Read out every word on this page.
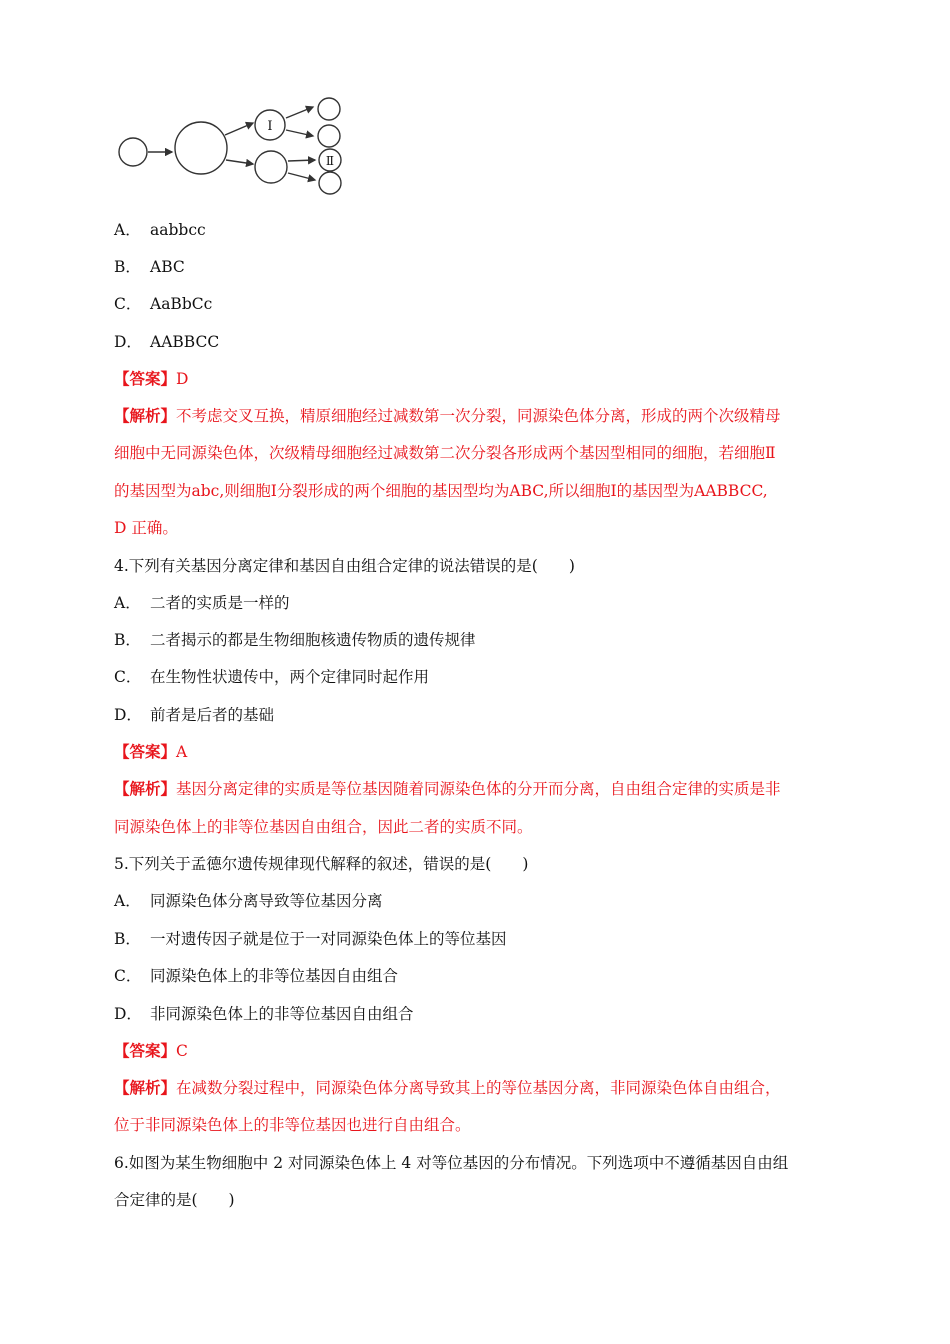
Ⅰ
Ⅱ
A． aabbcc
B． ABC
C． AaBbCc
D． AABBCC
【答案】D
【解析】不考虑交叉互换，精原细胞经过减数第一次分裂，同源染色体分离，形成的两个次级精母
细胞中无同源染色体，次级精母细胞经过减数第二次分裂各形成两个基因型相同的细胞，若细胞Ⅱ
的基因型为abc,则细胞Ⅰ分裂形成的两个细胞的基因型均为ABC,所以细胞Ⅰ的基因型为AABBCC,
D 正确。
4.下列有关基因分离定律和基因自由组合定律的说法错误的是(　　)
A． 二者的实质是一样的
B． 二者揭示的都是生物细胞核遗传物质的遗传规律
C． 在生物性状遗传中，两个定律同时起作用
D． 前者是后者的基础
【答案】A
【解析】基因分离定律的实质是等位基因随着同源染色体的分开而分离，自由组合定律的实质是非
同源染色体上的非等位基因自由组合，因此二者的实质不同。
5.下列关于孟德尔遗传规律现代解释的叙述，错误的是(　　)
A． 同源染色体分离导致等位基因分离
B． 一对遗传因子就是位于一对同源染色体上的等位基因
C． 同源染色体上的非等位基因自由组合
D． 非同源染色体上的非等位基因自由组合
【答案】C
【解析】在减数分裂过程中，同源染色体分离导致其上的等位基因分离，非同源染色体自由组合，
位于非同源染色体上的非等位基因也进行自由组合。
6.如图为某生物细胞中 2 对同源染色体上 4 对等位基因的分布情况。下列选项中不遵循基因自由组
合定律的是(　　)
